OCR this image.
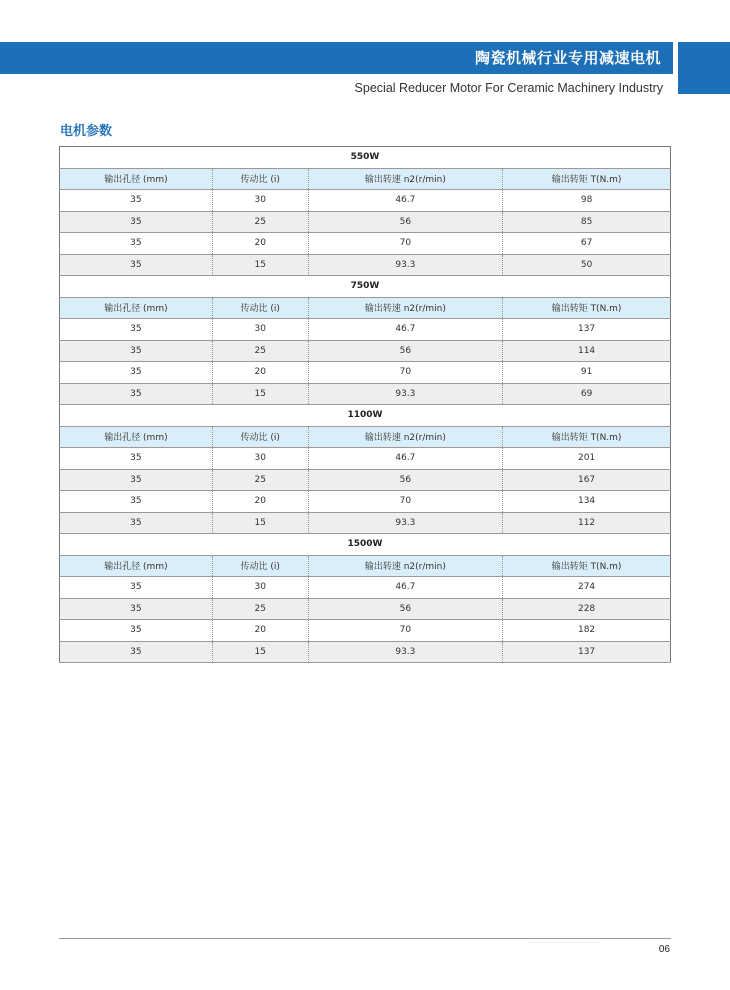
陶瓷机械行业专用减速电机
Special Reducer Motor For Ceramic Machinery Industry
电机参数
550W			
输出孔径 (mm)	传动比 (i)	输出转速 n2(r/min)	输出转矩 T(N.m)
35	30	46.7	98
35	25	56	85
35	20	70	67
35	15	93.3	50
750W			
输出孔径 (mm)	传动比 (i)	输出转速 n2(r/min)	输出转矩 T(N.m)
35	30	46.7	137
35	25	56	114
35	20	70	91
35	15	93.3	69
1100W			
输出孔径 (mm)	传动比 (i)	输出转速 n2(r/min)	输出转矩 T(N.m)
35	30	46.7	201
35	25	56	167
35	20	70	134
35	15	93.3	112
1500W			
输出孔径 (mm)	传动比 (i)	输出转速 n2(r/min)	输出转矩 T(N.m)
35	30	46.7	274
35	25	56	228
35	20	70	182
35	15	93.3	137
06
